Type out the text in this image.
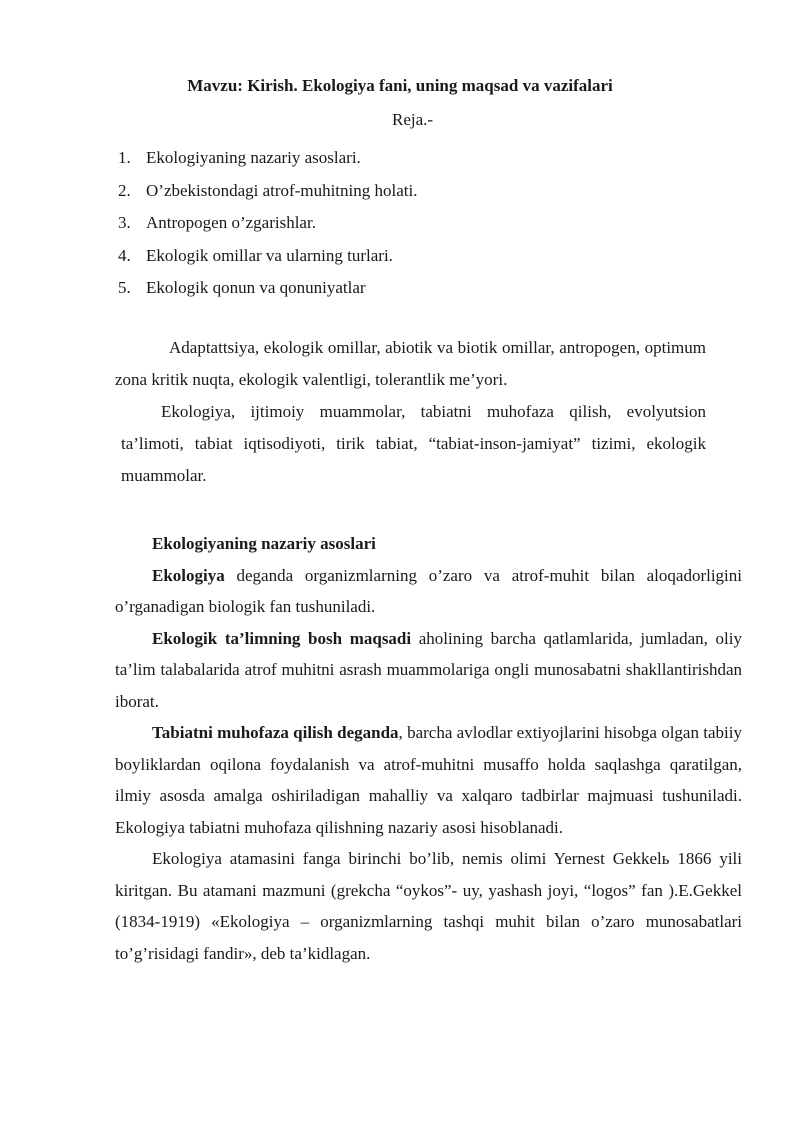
Mavzu: Kirish. Ekologiya fani, uning maqsad va vazifalari
Reja.-
1. Ekologiyaning nazariy asoslari.
2. O’zbekistondagi atrof-muhitning holati.
3. Antropogen o’zgarishlar.
4. Ekologik omillar va ularning turlari.
5. Ekologik qonun va qonuniyatlar

Adaptattsiya, ekologik omillar, abiotik va biotik omillar, antropogen, optimum zona kritik nuqta, ekologik valentligi, tolerantlik me’yori.

Ekologiya, ijtimoiy muammolar, tabiatni muhofaza qilish, evolyutsion ta’limoti, tabiat iqtisodiyoti, tirik tabiat, “tabiat-inson-jamiyat” tizimi, ekologik muammolar.

Ekologiyaning nazariy asoslari

Ekologiya deganda organizmlarning o’zaro va atrof-muhit bilan aloqadorligini o’rganadigan biologik fan tushuniladi.

Ekologik ta’limning bosh maqsadi aholining barcha qatlamlarida, jumladan, oliy ta’lim talabalarida atrof muhitni asrash muammolariga ongli munosabatni shakllantirishdan iborat.

Tabiatni muhofaza qilish deganda, barcha avlodlar extiyojlarini hisobga olgan tabiiy boyliklardan oqilona foydalanish va atrof-muhitni musaffo holda saqlashga qaratilgan, ilmiy asosda amalga oshiriladigan mahalliy va xalqaro tadbirlar majmuasi tushuniladi. Ekologiya tabiatni muhofaza qilishning nazariy asosi hisoblanadi.

Ekologiya atamasini fanga birinchi bo’lib, nemis olimi Yernest Gekkelь 1866 yili kiritgan. Bu atamani mazmuni (grekcha “oykos”- uy, yashash joyi, “logos” fan ).E.Gekkel (1834-1919) «Ekologiya – organizmlarning tashqi muhit bilan o’zaro munosabatlari to’g’risidagi fandir», deb ta’kidlagan.
